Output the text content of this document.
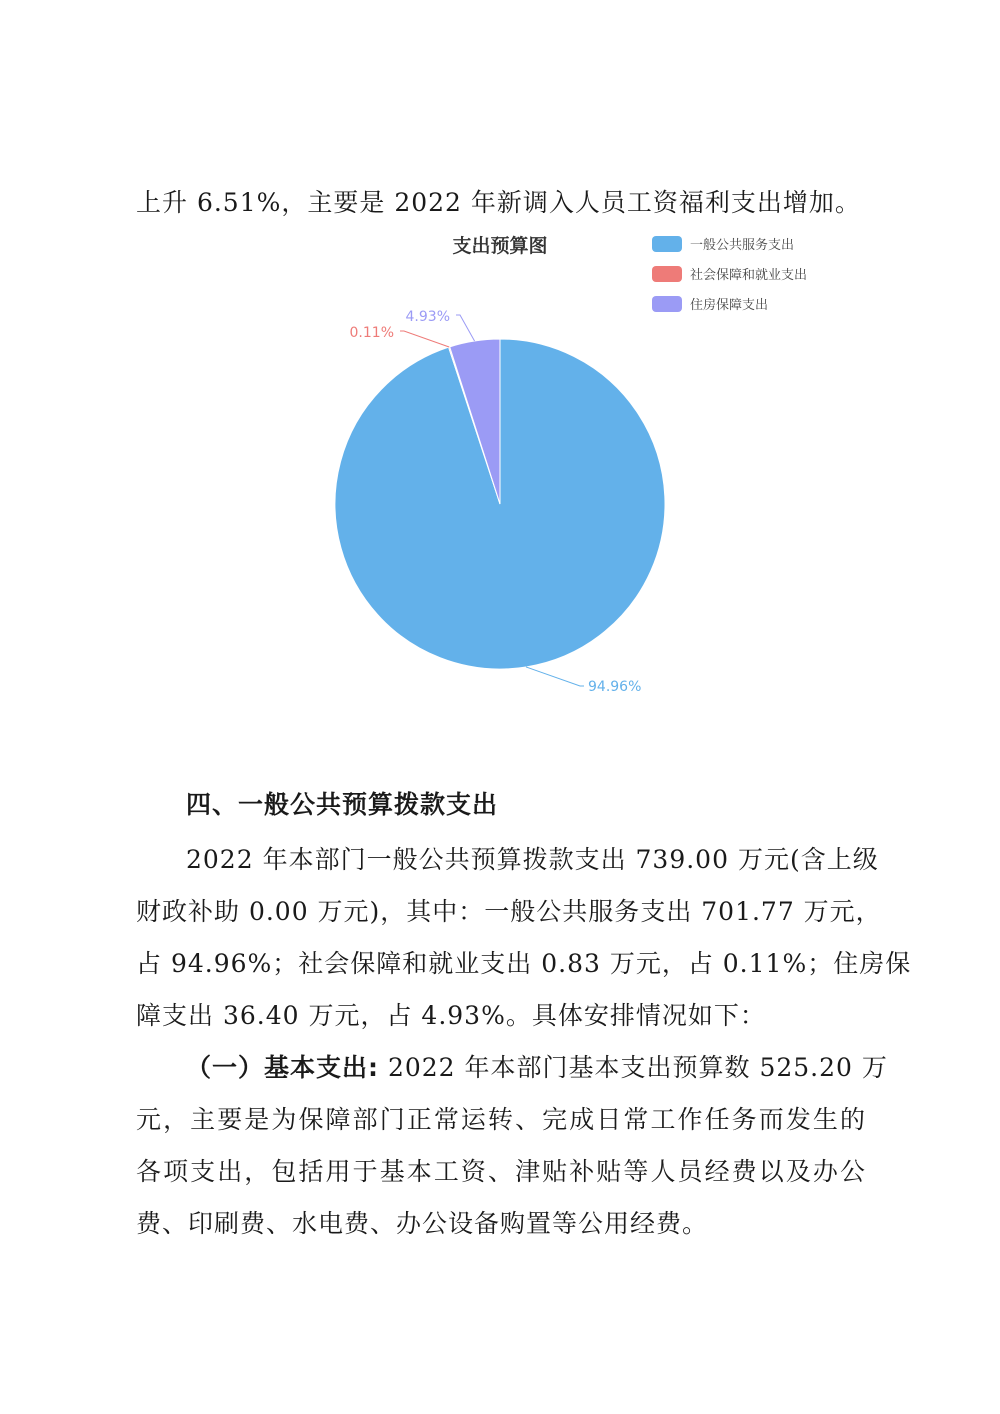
上升 6.51%，主要是 2022 年新调入人员工资福利支出增加。
支出预算图	一般公共服务支出
社会保障和就业支出
住房保障支出
94.96%
0.11%
4.93%
四、一般公共预算拨款支出
2022 年本部门一般公共预算拨款支出 739.00 万元(含上级
财政补助 0.00 万元)，其中：一般公共服务支出 701.77 万元，
占 94.96%；社会保障和就业支出 0.83 万元，占 0.11%；住房保
障支出 36.40 万元，占 4.93%。具体安排情况如下：
（一）基本支出: 2022 年本部门基本支出预算数 525.20 万
元，主要是为保障部门正常运转、完成日常工作任务而发生的
各项支出，包括用于基本工资、津贴补贴等人员经费以及办公
费、印刷费、水电费、办公设备购置等公用经费。
